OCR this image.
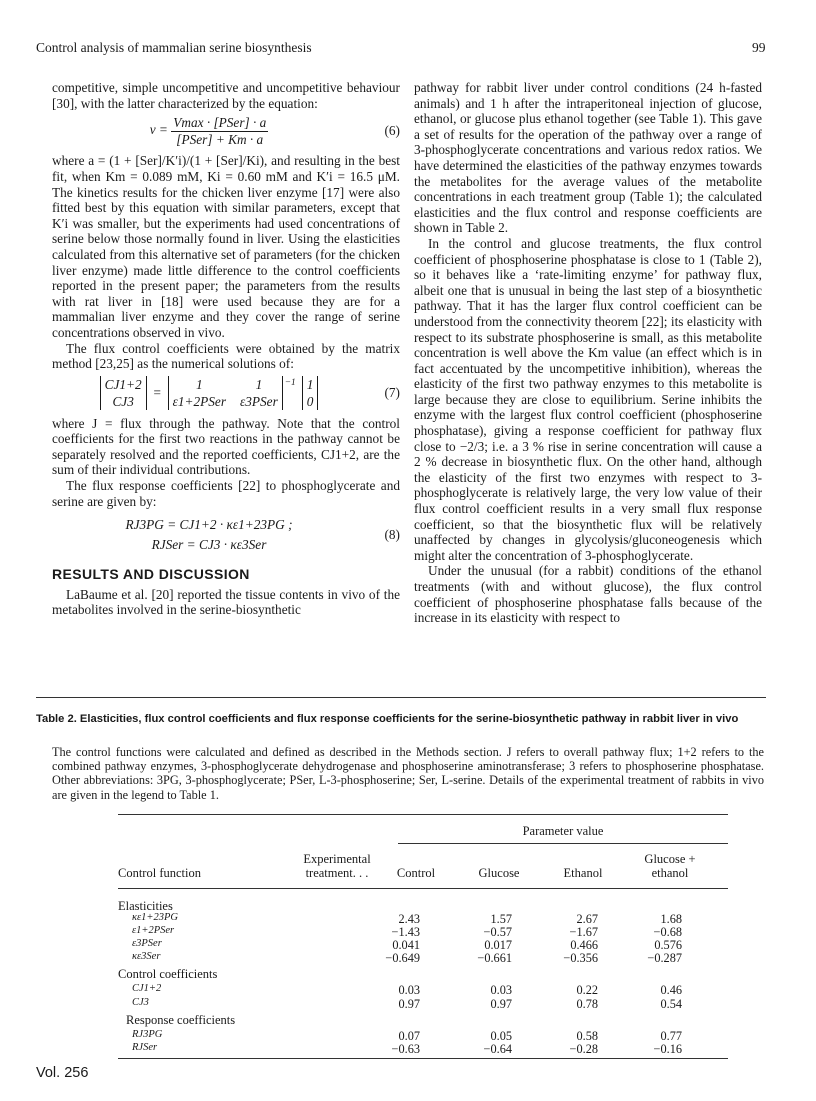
Control analysis of mammalian serine biosynthesis	99

competitive, simple uncompetitive and uncompetitive behaviour [30], with the latter characterized by the equation:

$v = \frac{\text{Vmax · [PSer] · a}}{\text{[PSer] + Km · a}}$	(6)

where a = (1 + [Ser]/K′i)/(1 + [Ser]/Ki), and resulting in the best fit, when Km = 0.089 mM, Ki = 0.60 mM and K′i = 16.5 μM. The kinetics results for the chicken liver enzyme [17] were also fitted best by this equation with similar parameters, except that K′i was smaller, but the experiments had used concentrations of serine below those normally found in liver. Using the elasticities calculated from this alternative set of parameters (for the chicken liver enzyme) made little difference to the control coefficients reported in the present paper; the parameters from the results with rat liver in [18] were used because they are for a mammalian liver enzyme and they cover the range of serine concentrations observed in vivo.

The flux control coefficients were obtained by the matrix method [23,25] as the numerical solutions of:

CJ1+2
CJ3
=
1	1
ε1+2PSer ε3PSer
$^{-1}$ 1
0
(7)

where J = flux through the pathway. Note that the control coefficients for the first two reactions in the pathway cannot be separately resolved and the reported coefficients, CJ1+2, are the sum of their individual contributions.

The flux response coefficients [22] to phosphoglycerate and serine are given by:

RJ3PG = CJ1+2 · κε1+23PG ;
RJSer = CJ3 · κε3Ser
(8)
RESULTS AND DISCUSSION

LaBaume et al. [20] reported the tissue contents in vivo of the metabolites involved in the serine-biosynthetic

pathway for rabbit liver under control conditions (24 h-fasted animals) and 1 h after the intraperitoneal injection of glucose, ethanol, or glucose plus ethanol together (see Table 1). This gave a set of results for the operation of the pathway over a range of 3-phosphoglycerate concentrations and various redox ratios. We have determined the elasticities of the pathway enzymes towards the metabolites for the average values of the metabolite concentrations in each treatment group (Table 1); the calculated elasticities and the flux control and response coefficients are shown in Table 2.

In the control and glucose treatments, the flux control coefficient of phosphoserine phosphatase is close to 1 (Table 2), so it behaves like a ‘rate-limiting enzyme’ for pathway flux, albeit one that is unusual in being the last step of a biosynthetic pathway. That it has the larger flux control coefficient can be understood from the connectivity theorem [22]; its elasticity with respect to its substrate phosphoserine is small, as this metabolite concentration is well above the Km value (an effect which is in fact accentuated by the uncompetitive inhibition), whereas the elasticity of the first two pathway enzymes to this metabolite is large because they are close to equilibrium. Serine inhibits the enzyme with the largest flux control coefficient (phosphoserine phosphatase), giving a response coefficient for pathway flux close to −2/3; i.e. a 3 % rise in serine concentration will cause a 2 % decrease in biosynthetic flux. On the other hand, although the elasticity of the first two enzymes with respect to 3-phosphoglycerate is relatively large, the very low value of their flux control coefficient results in a very small flux response coefficient, so that the biosynthetic flux will be relatively unaffected by changes in glycolysis/gluconeogenesis which might alter the concentration of 3-phosphoglycerate.

Under the unusual (for a rabbit) conditions of the ethanol treatments (with and without glucose), the flux control coefficient of phosphoserine phosphatase falls because of the increase in its elasticity with respect to

Table 2. Elasticities, flux control coefficients and flux response coefficients for the serine-biosynthetic pathway in rabbit liver in vivo
The control functions were calculated and defined as described in the Methods section. J refers to overall pathway flux; 1+2 refers to the combined pathway enzymes, 3-phosphoglycerate dehydrogenase and phosphoserine aminotransferase; 3 refers to phosphoserine phosphatase. Other abbreviations: 3PG, 3-phosphoglycerate; PSer, L-3-phosphoserine; Ser, L-serine. Details of the experimental treatment of rabbits in vivo are given in the legend to Table 1.
Parameter value
Control function
Experimental treatment. . .	Control	Glucose	Ethanol
Glucose + ethanol
Elasticities
κε1+23PG	2.43	1.57	2.67	1.68
ε1+2PSer	−1.43	−0.57	−1.67	−0.68
ε3PSer	0.041	0.017	0.466	0.576
κε3Ser	−0.649	−0.661	−0.356	−0.287
Control coefficients
CJ1+2	0.03	0.03	0.22	0.46
CJ3	0.97	0.97	0.78	0.54
Response coefficients
RJ3PG	0.07	0.05	0.58	0.77
RJSer	−0.63	−0.64	−0.28	−0.16
Vol. 256
